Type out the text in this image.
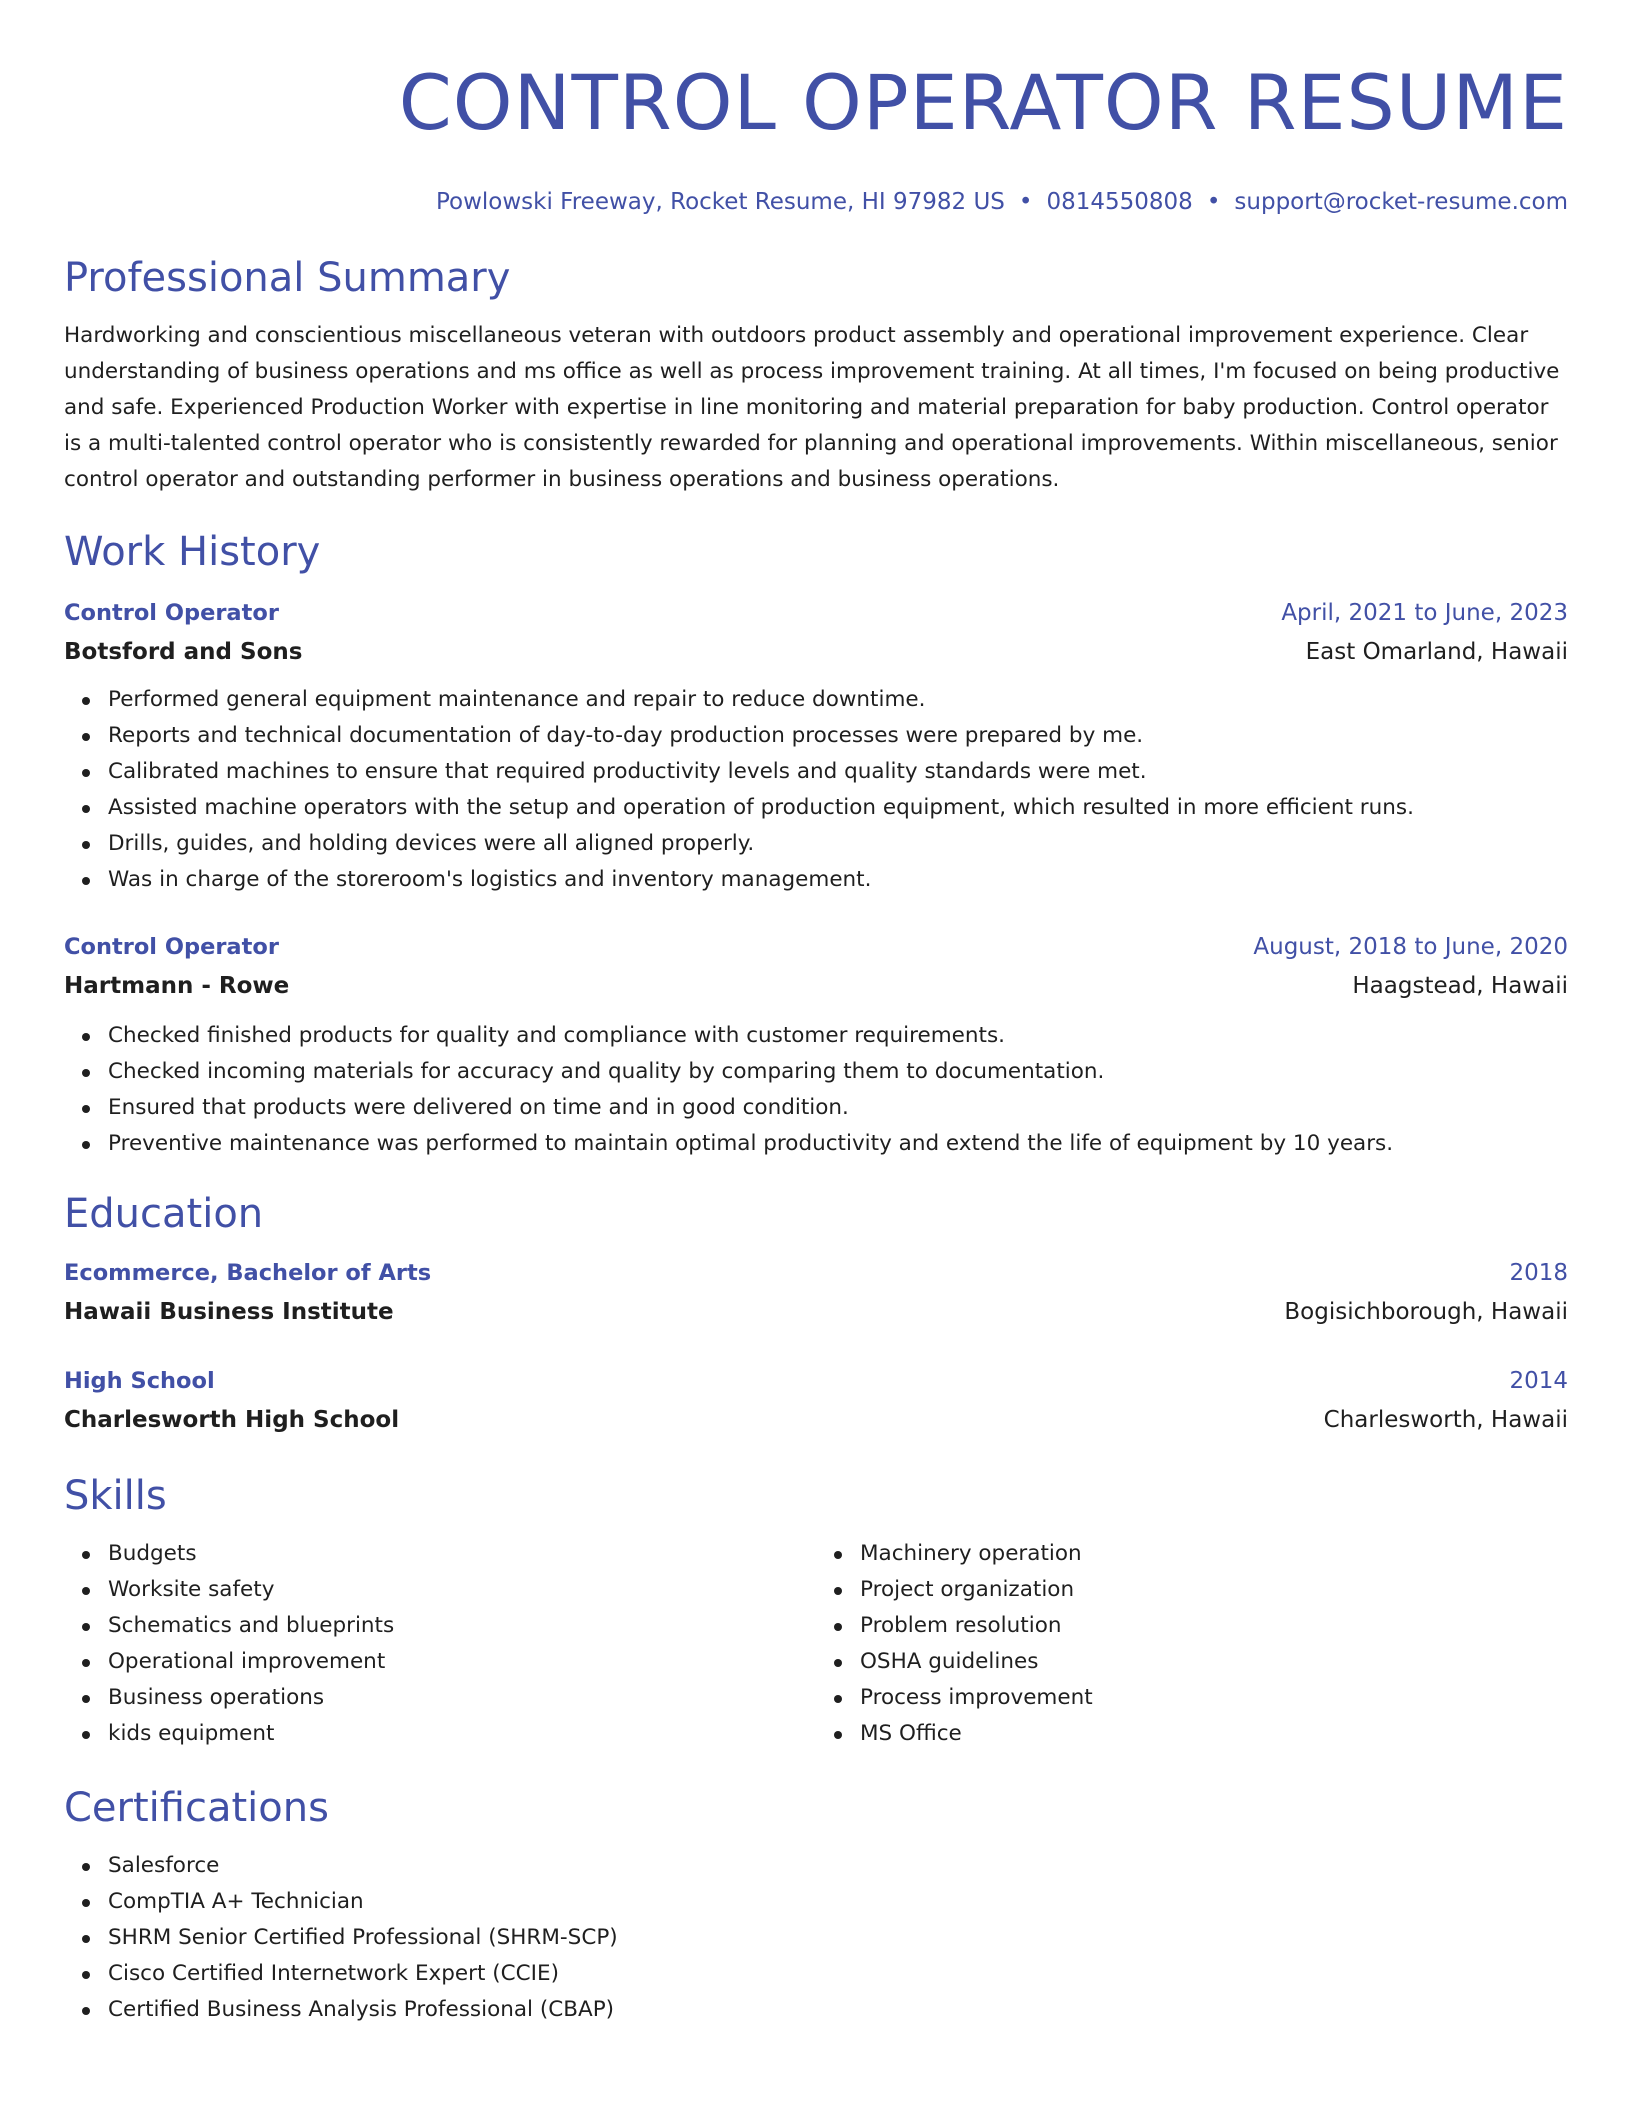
CONTROL OPERATOR RESUME
Powlowski Freeway, Rocket Resume, HI 97982 US • 0814550808 • support@rocket-resume.com
Professional Summary

Hardworking and conscientious miscellaneous veteran with outdoors product assembly and operational improvement experience. Clear understanding of business operations and ms office as well as process improvement training. At all times, I'm focused on being productive and safe. Experienced Production Worker with expertise in line monitoring and material preparation for baby production. Control operator is a multi-talented control operator who is consistently rewarded for planning and operational improvements. Within miscellaneous, senior control operator and outstanding performer in business operations and business operations.

Work History
Control Operator	April, 2021 to June, 2023
Botsford and Sons	East Omarland, Hawaii
Performed general equipment maintenance and repair to reduce downtime.
Reports and technical documentation of day-to-day production processes were prepared by me.
Calibrated machines to ensure that required productivity levels and quality standards were met.
Assisted machine operators with the setup and operation of production equipment, which resulted in more efficient runs.
Drills, guides, and holding devices were all aligned properly.
Was in charge of the storeroom's logistics and inventory management.
Control Operator	August, 2018 to June, 2020
Hartmann - Rowe	Haagstead, Hawaii
Checked finished products for quality and compliance with customer requirements.
Checked incoming materials for accuracy and quality by comparing them to documentation.
Ensured that products were delivered on time and in good condition.
Preventive maintenance was performed to maintain optimal productivity and extend the life of equipment by 10 years.
Education
Ecommerce, Bachelor of Arts	2018
Hawaii Business Institute	Bogisichborough, Hawaii
High School	2014
Charlesworth High School	Charlesworth, Hawaii
Skills
Budgets
Worksite safety
Schematics and blueprints
Operational improvement
Business operations
kids equipment
Machinery operation
Project organization
Problem resolution
OSHA guidelines
Process improvement
MS Office
Certifications
Salesforce
CompTIA A+ Technician
SHRM Senior Certified Professional (SHRM-SCP)
Cisco Certified Internetwork Expert (CCIE)
Certified Business Analysis Professional (CBAP)
